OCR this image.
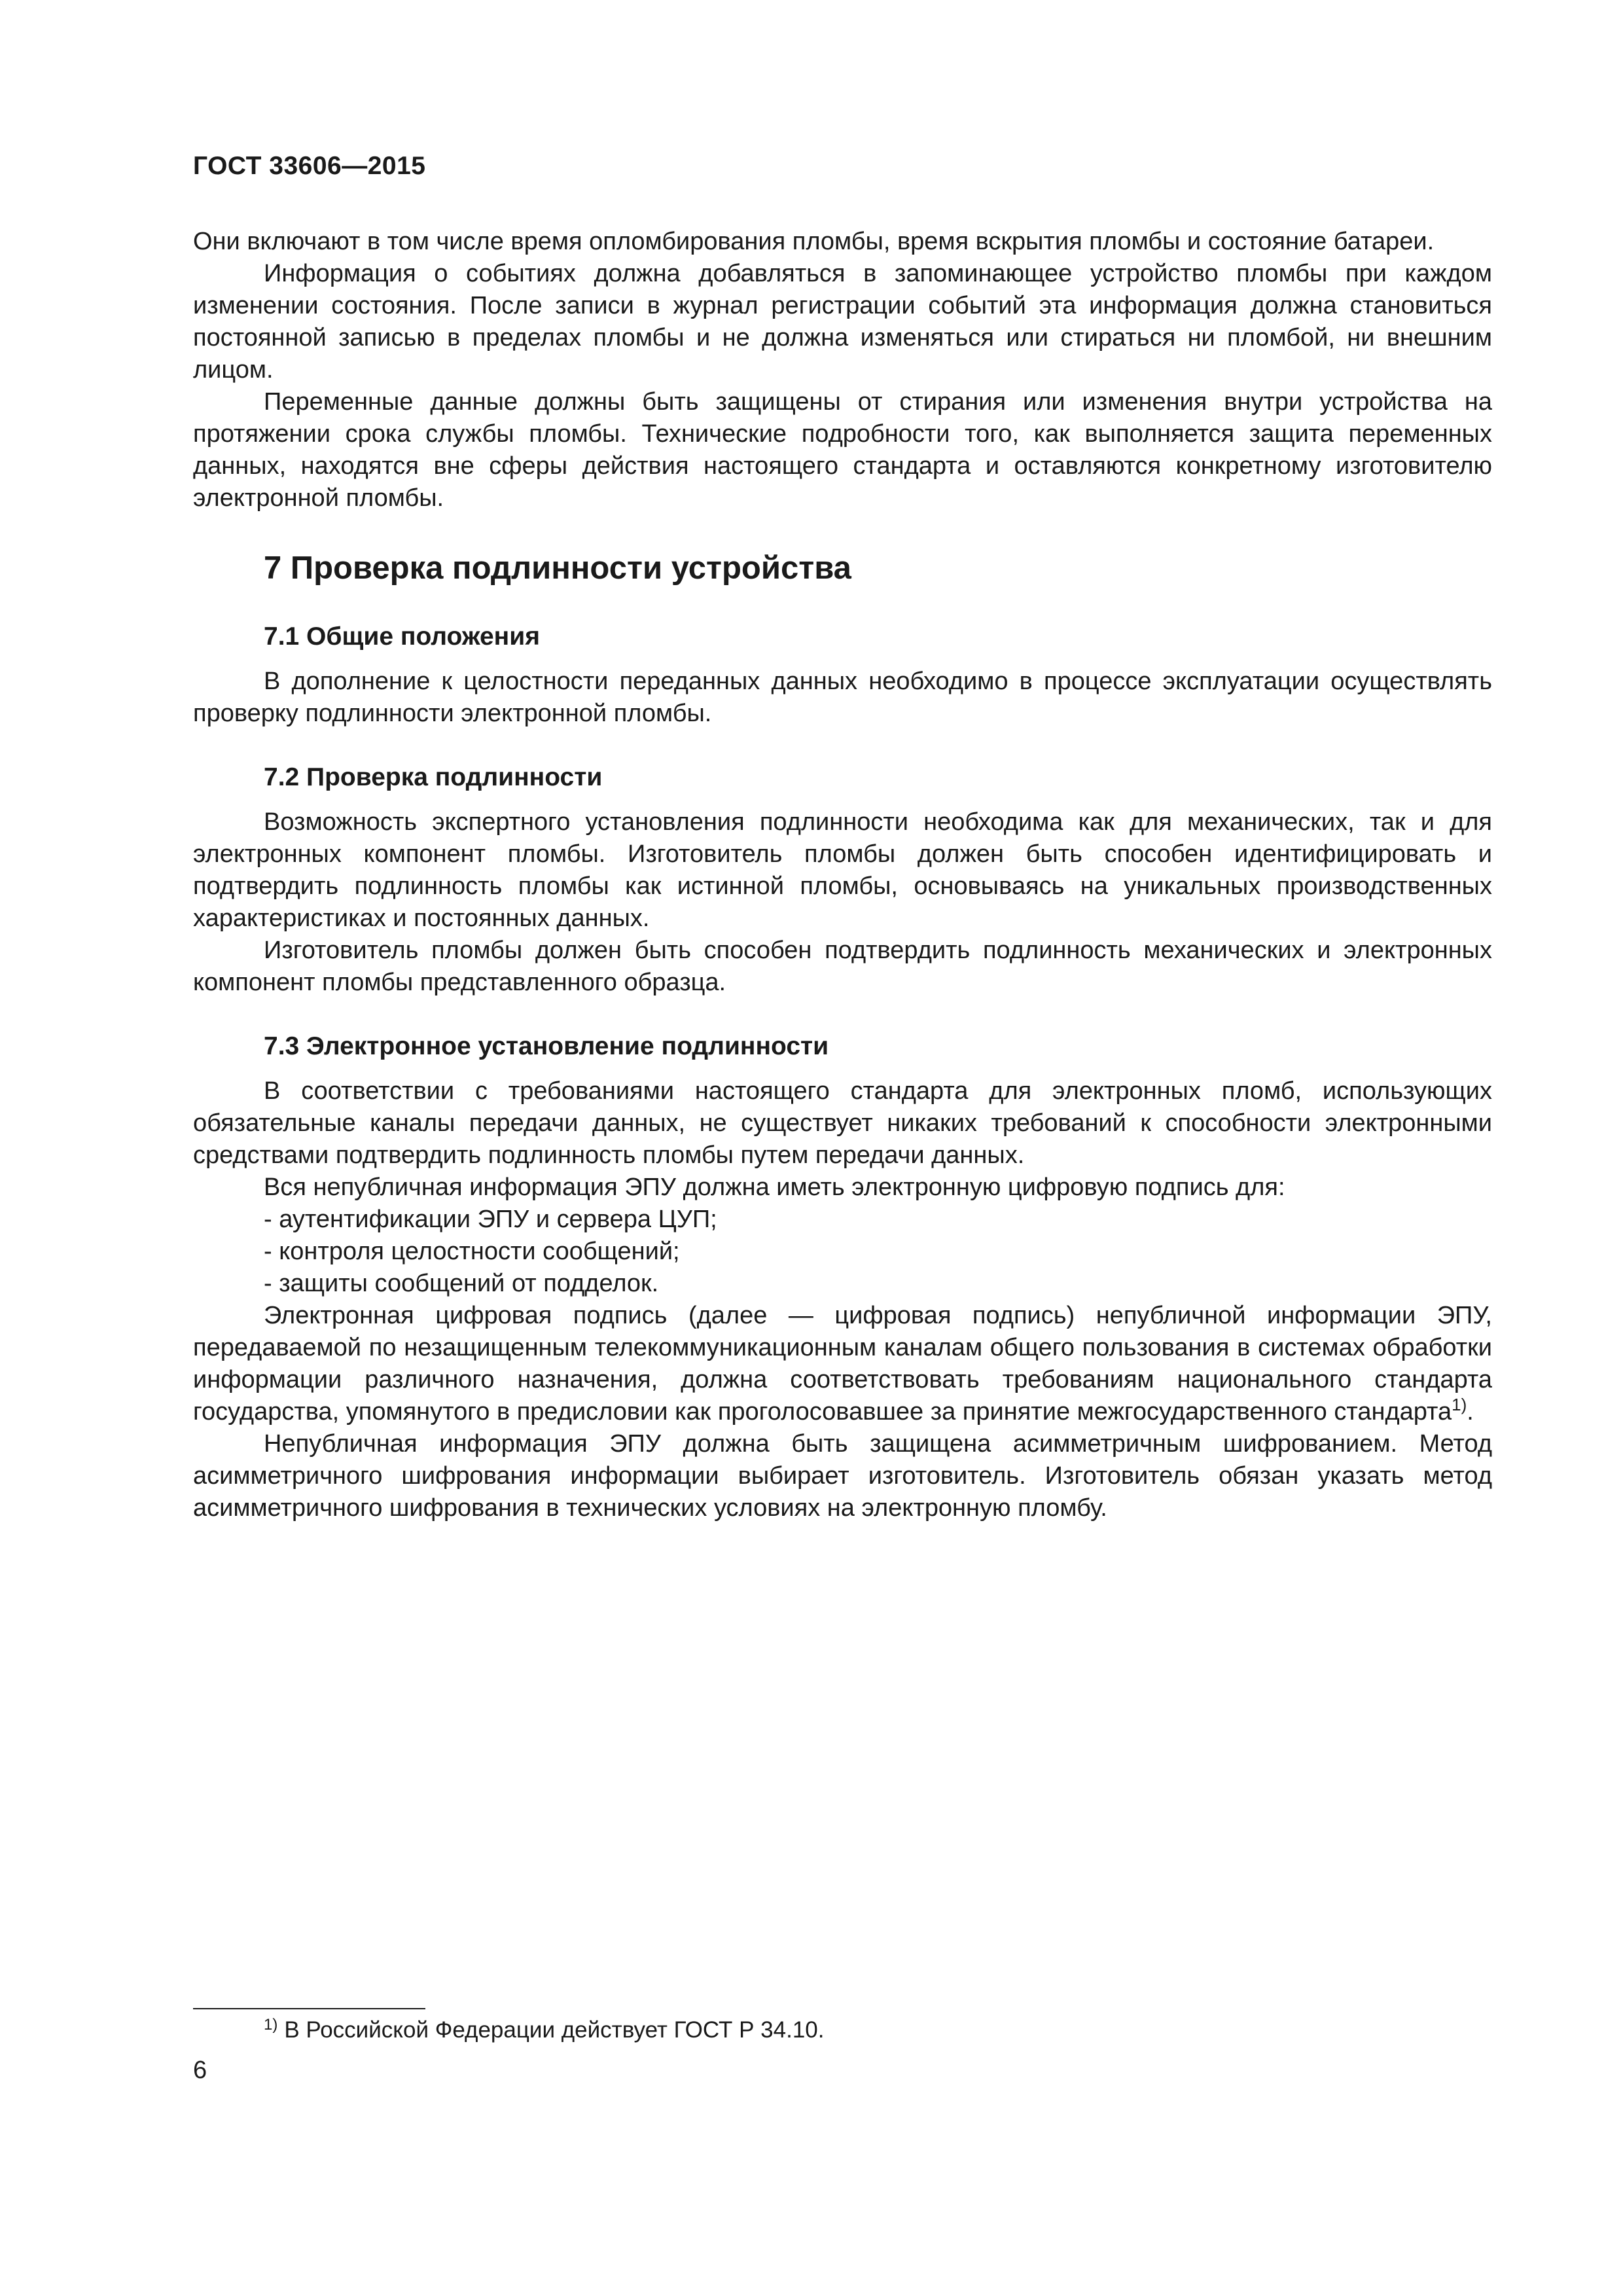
ГОСТ 33606—2015

Они включают в том числе время опломбирования пломбы, время вскрытия пломбы и состояние батареи.

Информация о событиях должна добавляться в запоминающее устройство пломбы при каждом изменении состояния. После записи в журнал регистрации событий эта информация должна становиться постоянной записью в пределах пломбы и не должна изменяться или стираться ни пломбой, ни внешним лицом.

Переменные данные должны быть защищены от стирания или изменения внутри устройства на протяжении срока службы пломбы. Технические подробности того, как выполняется защита переменных данных, находятся вне сферы действия настоящего стандарта и оставляются конкретному изготовителю электронной пломбы.

7 Проверка подлинности устройства
7.1 Общие положения

В дополнение к целостности переданных данных необходимо в процессе эксплуатации осуществлять проверку подлинности электронной пломбы.

7.2 Проверка подлинности

Возможность экспертного установления подлинности необходима как для механических, так и для электронных компонент пломбы. Изготовитель пломбы должен быть способен идентифицировать и подтвердить подлинность пломбы как истинной пломбы, основываясь на уникальных производственных характеристиках и постоянных данных.

Изготовитель пломбы должен быть способен подтвердить подлинность механических и электронных компонент пломбы представленного образца.

7.3 Электронное установление подлинности

В соответствии с требованиями настоящего стандарта для электронных пломб, использующих обязательные каналы передачи данных, не существует никаких требований к способности электронными средствами подтвердить подлинность пломбы путем передачи данных.

Вся непубличная информация ЭПУ должна иметь электронную цифровую подпись для:

- аутентификации ЭПУ и сервера ЦУП;
- контроля целостности сообщений;
- защиты сообщений от подделок.

Электронная цифровая подпись (далее — цифровая подпись) непубличной информации ЭПУ, передаваемой по незащищенным телекоммуникационным каналам общего пользования в системах обработки информации различного назначения, должна соответствовать требованиям национального стандарта государства, упомянутого в предисловии как проголосовавшее за принятие межгосударственного стандарта$^{1)}$.

Непубличная информация ЭПУ должна быть защищена асимметричным шифрованием. Метод асимметричного шифрования информации выбирает изготовитель. Изготовитель обязан указать метод асимметричного шифрования в технических условиях на электронную пломбу.

$^{1)}$ В Российской Федерации действует ГОСТ Р 34.10.
6
